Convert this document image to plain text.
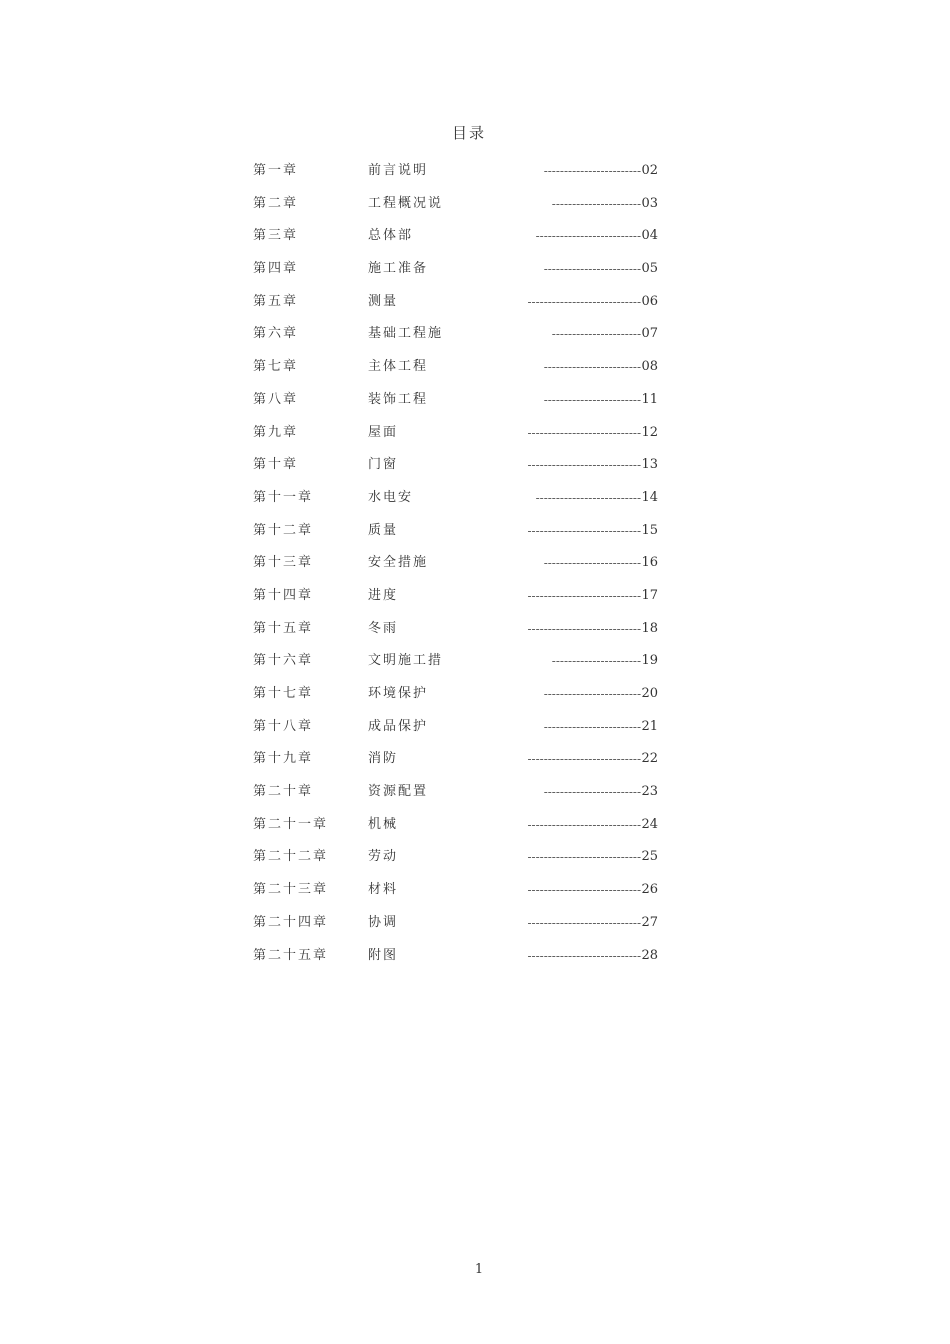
目录
第一章	前言说明	------------------------ 02
第二章	工程概况说	---------------------- 03
第三章	总体部	-------------------------- 04
第四章	施工准备	------------------------ 05
第五章	测量	---------------------------- 06
第六章	基础工程施	---------------------- 07
第七章	主体工程	------------------------ 08
第八章	装饰工程	------------------------ 11
第九章	屋面	---------------------------- 12
第十章	门窗	---------------------------- 13
第十一章	水电安	-------------------------- 14
第十二章	质量	---------------------------- 15
第十三章	安全措施	------------------------ 16
第十四章	进度	---------------------------- 17
第十五章	冬雨	---------------------------- 18
第十六章	文明施工措	---------------------- 19
第十七章	环境保护	------------------------ 20
第十八章	成品保护	------------------------ 21
第十九章	消防	---------------------------- 22
第二十章	资源配置	------------------------ 23
第二十一章	机械	---------------------------- 24
第二十二章	劳动	---------------------------- 25
第二十三章	材料	---------------------------- 26
第二十四章	协调	---------------------------- 27
第二十五章	附图	---------------------------- 28
1
